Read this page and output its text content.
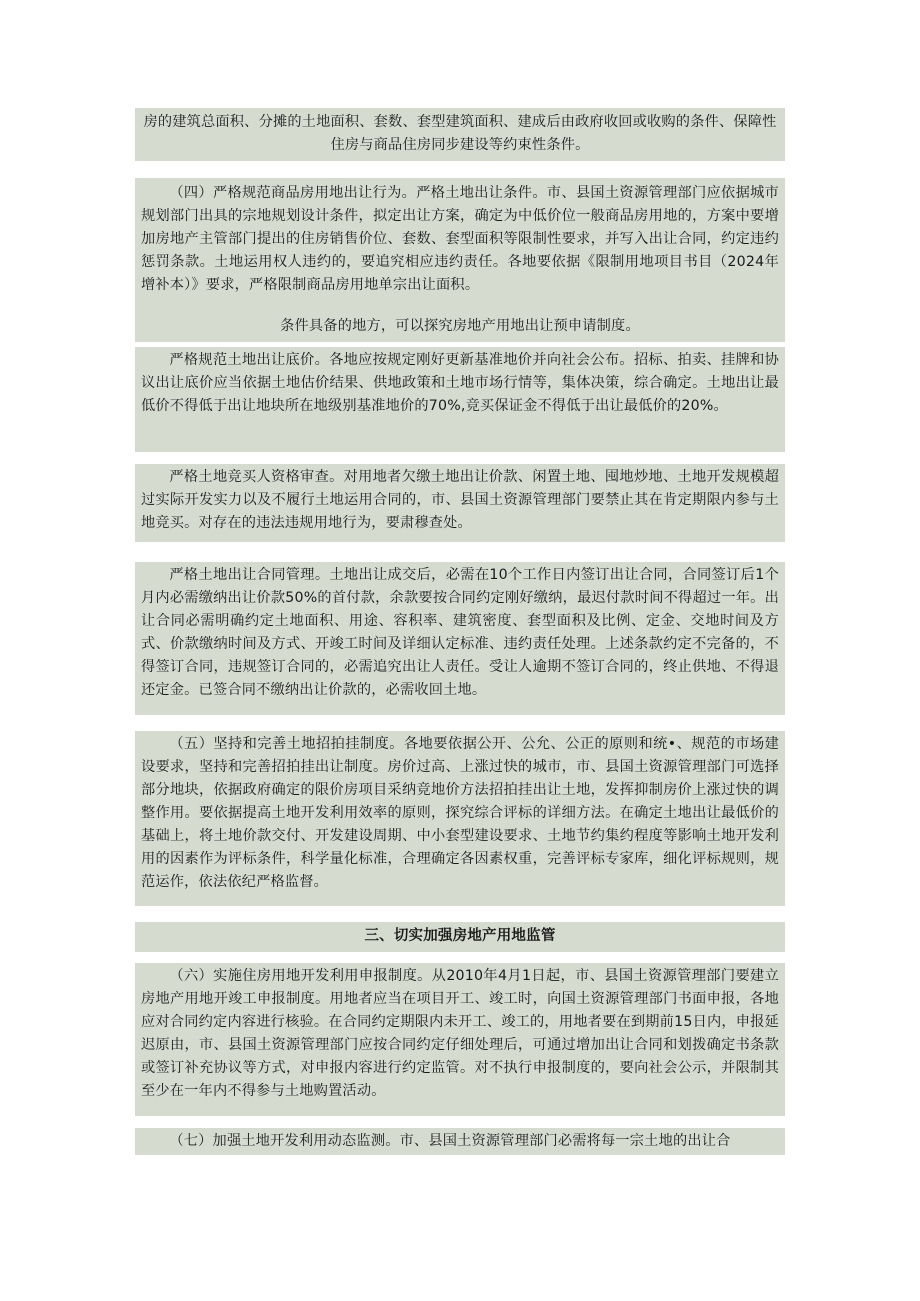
房的建筑总面积、分摊的土地面积、套数、套型建筑面积、建成后由政府收回或收购的条件、保障性住房与商品住房同步建设等约束性条件。

（四）严格规范商品房用地出让行为。严格土地出让条件。市、县国土资源管理部门应依据城市规划部门出具的宗地规划设计条件，拟定出让方案，确定为中低价位一般商品房用地的，方案中要增加房地产主管部门提出的住房销售价位、套数、套型面积等限制性要求，并写入出让合同，约定违约惩罚条款。土地运用权人违约的，要追究相应违约责任。各地要依据《限制用地项目书目（2024年增补本）》要求，严格限制商品房用地单宗出让面积。

条件具备的地方，可以探究房地产用地出让预申请制度。

严格规范土地出让底价。各地应按规定刚好更新基准地价并向社会公布。招标、拍卖、挂牌和协议出让底价应当依据土地估价结果、供地政策和土地市场行情等，集体决策，综合确定。土地出让最低价不得低于出让地块所在地级别基准地价的70%,竞买保证金不得低于出让最低价的20%。

严格土地竞买人资格审查。对用地者欠缴土地出让价款、闲置土地、囤地炒地、土地开发规模超过实际开发实力以及不履行土地运用合同的，市、县国土资源管理部门要禁止其在肯定期限内参与土地竞买。对存在的违法违规用地行为，要肃穆查处。

严格土地出让合同管理。土地出让成交后，必需在10个工作日内签订出让合同，合同签订后1个月内必需缴纳出让价款50%的首付款，余款要按合同约定刚好缴纳，最迟付款时间不得超过一年。出让合同必需明确约定土地面积、用途、容积率、建筑密度、套型面积及比例、定金、交地时间及方式、价款缴纳时间及方式、开竣工时间及详细认定标准、违约责任处理。上述条款约定不完备的，不得签订合同，违规签订合同的，必需追究出让人责任。受让人逾期不签订合同的，终止供地、不得退还定金。已签合同不缴纳出让价款的，必需收回土地。

（五）坚持和完善土地招拍挂制度。各地要依据公开、公允、公正的原则和统•、规范的市场建设要求，坚持和完善招拍挂出让制度。房价过高、上涨过快的城市，市、县国土资源管理部门可选择部分地块，依据政府确定的限价房项目采纳竞地价方法招拍挂出让土地，发挥抑制房价上涨过快的调整作用。要依据提高土地开发利用效率的原则，探究综合评标的详细方法。在确定土地出让最低价的基础上，将土地价款交付、开发建设周期、中小套型建设要求、土地节约集约程度等影响土地开发利用的因素作为评标条件，科学量化标准，合理确定各因素权重，完善评标专家库，细化评标规则，规范运作，依法依纪严格监督。

三、切实加强房地产用地监管

（六）实施住房用地开发利用申报制度。从2010年4月1日起，市、县国土资源管理部门要建立房地产用地开竣工申报制度。用地者应当在项目开工、竣工时，向国土资源管理部门书面申报，各地应对合同约定内容进行核验。在合同约定期限内未开工、竣工的，用地者要在到期前15日内，申报延迟原由，市、县国土资源管理部门应按合同约定仔细处理后，可通过增加出让合同和划拨确定书条款或签订补充协议等方式，对申报内容进行约定监管。对不执行申报制度的，要向社会公示，并限制其至少在一年内不得参与土地购置活动。

（七）加强土地开发利用动态监测。市、县国土资源管理部门必需将每一宗土地的出让合
